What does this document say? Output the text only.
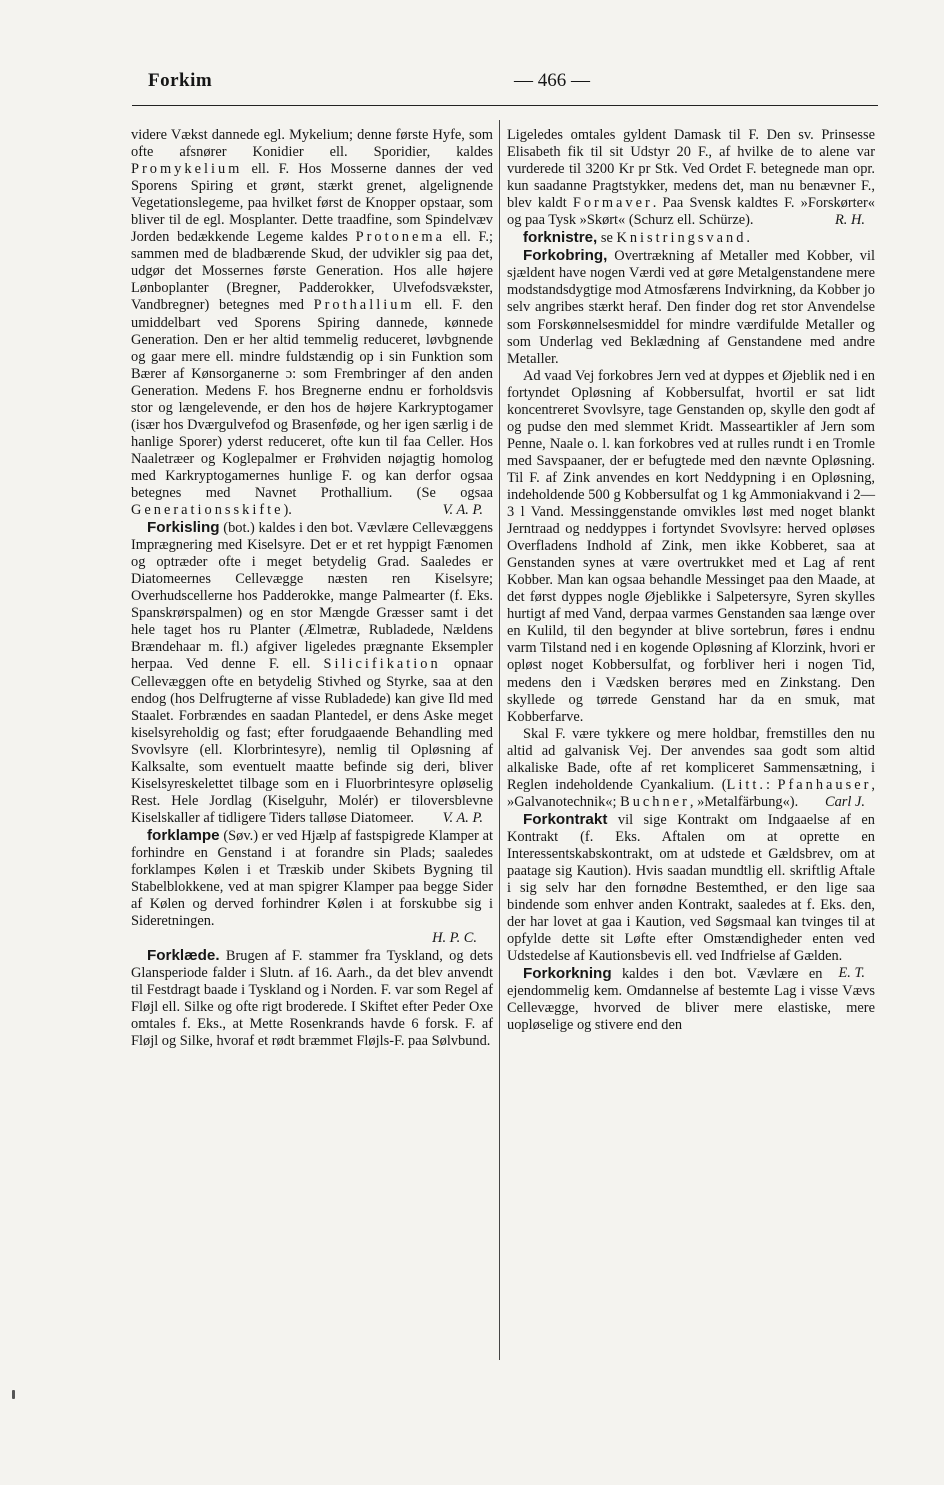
Forkim	— 466 —

videre Vækst dannede egl. Mykelium; denne første Hyfe, som ofte afsnører Konidier ell. Sporidier, kaldes Promykelium ell. F. Hos Mosserne dannes der ved Sporens Spiring et grønt, stærkt grenet, algelignende Vegetationslegeme, paa hvilket først de Knopper opstaar, som bliver til de egl. Mosplanter. Dette traadfine, som Spindelvæv Jorden bedækkende Legeme kaldes Protonema ell. F.; sammen med de bladbærende Skud, der udvikler sig paa det, udgør det Mossernes første Generation. Hos alle højere Lønboplanter (Bregner, Padderokker, Ulvefodsvækster, Vandbregner) betegnes med Prothallium ell. F. den umiddelbart ved Sporens Spiring dannede, kønnede Generation. Den er her altid temmelig reduceret, løvbgnende og gaar mere ell. mindre fuldstændig op i sin Funktion som Bærer af Kønsorganerne ɔ: som Frembringer af den anden Generation. Medens F. hos Bregnerne endnu er forholdsvis stor og længelevende, er den hos de højere Karkryptogamer (især hos Dværgulvefod og Brasenføde, og her igen særlig i de hanlige Sporer) yderst reduceret, ofte kun til faa Celler. Hos Naaletræer og Koglepalmer er Frøhviden nøjagtig homolog med Karkryptogamernes hunlige F. og kan derfor ogsaa betegnes med Navnet Prothallium. (Se ogsaa Generationsskifte).	V. A. P.

Forkisling (bot.) kaldes i den bot. Vævlære Cellevæggens Imprægnering med Kiselsyre. Det er et ret hyppigt Fænomen og optræder ofte i meget betydelig Grad. Saaledes er Diatomeernes Cellevægge næsten ren Kiselsyre; Overhudscellerne hos Padderokke, mange Palmearter (f. Eks. Spanskrørspalmen) og en stor Mængde Græsser samt i det hele taget hos ru Planter (Ælmetræ, Rubladede, Nældens Brændehaar m. fl.) afgiver ligeledes prægnante Eksempler herpaa. Ved denne F. ell. Silicifikation opnaar Cellevæggen ofte en betydelig Stivhed og Styrke, saa at den endog (hos Delfrugterne af visse Rubladede) kan give Ild med Staalet. Forbrændes en saadan Plantedel, er dens Aske meget kiselsyreholdig og fast; efter forudgaaende Behandling med Svovlsyre (ell. Klorbrintesyre), nemlig til Opløsning af Kalksalte, som eventuelt maatte befinde sig deri, bliver Kiselsyreskelettet tilbage som en i Fluorbrintesyre opløselig Rest. Hele Jordlag (Kiselguhr, Molér) er tiloversblevne Kiselskaller af tidligere Tiders talløse Diatomeer.	V. A. P.

forklampe (Søv.) er ved Hjælp af fastspigrede Klamper at forhindre en Genstand i at forandre sin Plads; saaledes forklampes Kølen i et Træskib under Skibets Bygning til Stabelblokkene, ved at man spigrer Klamper paa begge Sider af Kølen og derved forhindrer Kølen i at forskubbe sig i Sideretningen.

H. P. C.

Forklæde. Brugen af F. stammer fra Tyskland, og dets Glansperiode falder i Slutn. af 16. Aarh., da det blev anvendt til Festdragt baade i Tyskland og i Norden. F. var som Regel af Fløjl ell. Silke og ofte rigt broderede. I Skiftet efter Peder Oxe omtales f. Eks., at Mette Rosenkrands havde 6 forsk. F. af Fløjl og Silke, hvoraf et rødt bræmmet Fløjls-F. paa Sølvbund.

Ligeledes omtales gyldent Damask til F. Den sv. Prinsesse Elisabeth fik til sit Udstyr 20 F., af hvilke de to alene var vurderede til 3200 Kr pr Stk. Ved Ordet F. betegnede man opr. kun saadanne Pragtstykker, medens det, man nu benævner F., blev kaldt Formaver. Paa Svensk kaldtes F. »Forskørter« og paa Tysk »Skørt« (Schurz ell. Schürze).	R. H.

forknistre, se Knistringsvand.

Forkobring, Overtrækning af Metaller med Kobber, vil sjældent have nogen Værdi ved at gøre Metalgenstandene mere modstandsdygtige mod Atmosfærens Indvirkning, da Kobber jo selv angribes stærkt heraf. Den finder dog ret stor Anvendelse som Forskønnelsesmiddel for mindre værdifulde Metaller og som Underlag ved Beklædning af Genstandene med andre Metaller.

Ad vaad Vej forkobres Jern ved at dyppes et Øjeblik ned i en fortyndet Opløsning af Kobbersulfat, hvortil er sat lidt koncentreret Svovlsyre, tage Genstanden op, skylle den godt af og pudse den med slemmet Kridt. Masseartikler af Jern som Penne, Naale o. l. kan forkobres ved at rulles rundt i en Tromle med Savspaaner, der er befugtede med den nævnte Opløsning. Til F. af Zink anvendes en kort Neddypning i en Opløsning, indeholdende 500 g Kobbersulfat og 1 kg Ammoniakvand i 2—3 l Vand. Messinggenstande omvikles løst med noget blankt Jerntraad og neddyppes i fortyndet Svovlsyre: herved opløses Overfladens Indhold af Zink, men ikke Kobberet, saa at Genstanden synes at være overtrukket med et Lag af rent Kobber. Man kan ogsaa behandle Messinget paa den Maade, at det først dyppes nogle Øjeblikke i Salpetersyre, Syren skylles hurtigt af med Vand, derpaa varmes Genstanden saa længe over en Kulild, til den begynder at blive sortebrun, føres i endnu varm Tilstand ned i en kogende Opløsning af Klorzink, hvori er opløst noget Kobbersulfat, og forbliver heri i nogen Tid, medens den i Vædsken berøres med en Zinkstang. Den skyllede og tørrede Genstand har da en smuk, mat Kobberfarve.

Skal F. være tykkere og mere holdbar, fremstilles den nu altid ad galvanisk Vej. Der anvendes saa godt som altid alkaliske Bade, ofte af ret kompliceret Sammensætning, i Reglen indeholdende Cyankalium. (Litt.: Pfanhauser, »Galvanotechnik«; Buchner, »Metalfärbung«).	Carl J.

Forkontrakt vil sige Kontrakt om Indgaaelse af en Kontrakt (f. Eks. Aftalen om at oprette en Interessentskabskontrakt, om at udstede et Gældsbrev, om at paatage sig Kaution). Hvis saadan mundtlig ell. skriftlig Aftale i sig selv har den fornødne Bestemthed, er den lige saa bindende som enhver anden Kontrakt, saaledes at f. Eks. den, der har lovet at gaa i Kaution, ved Søgsmaal kan tvinges til at opfylde dette sit Løfte efter Omstændigheder enten ved Udstedelse af Kautionsbevis ell. ved Indfrielse af Gælden.
E. T.

Forkorkning kaldes i den bot. Vævlære en ejendommelig kem. Omdannelse af bestemte Lag i visse Vævs Cellevægge, hvorved de bliver mere elastiske, mere uopløselige og stivere end den
